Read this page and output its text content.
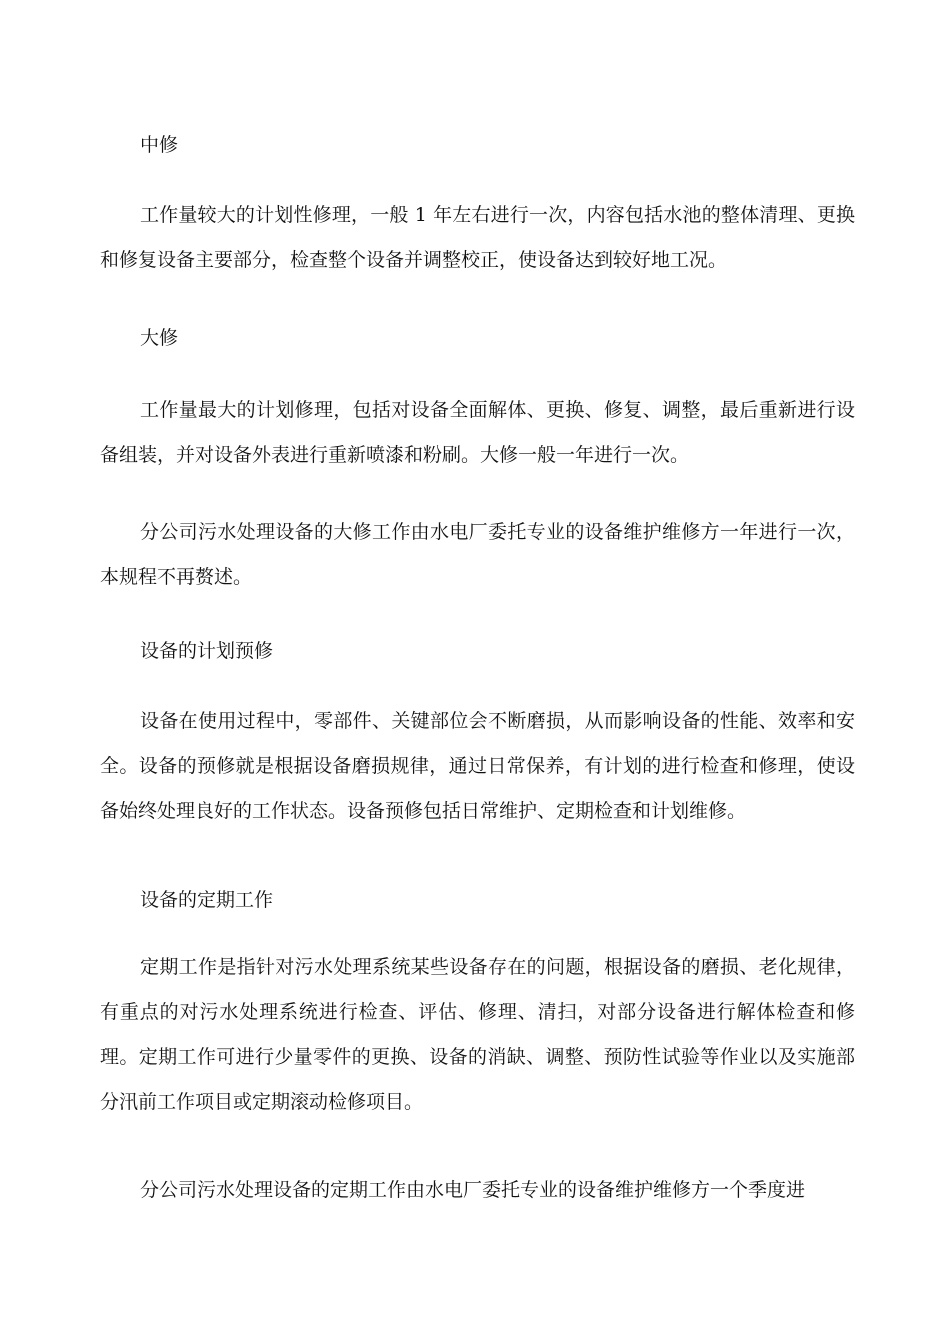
中修

工作量较大的计划性修理，一般 1 年左右进行一次，内容包括水池的整体清理、更换和修复设备主要部分，检查整个设备并调整校正，使设备达到较好地工况。

大修

工作量最大的计划修理，包括对设备全面解体、更换、修复、调整，最后重新进行设备组装，并对设备外表进行重新喷漆和粉刷。大修一般一年进行一次。

分公司污水处理设备的大修工作由水电厂委托专业的设备维护维修方一年进行一次，本规程不再赘述。

设备的计划预修

设备在使用过程中，零部件、关键部位会不断磨损，从而影响设备的性能、效率和安全。设备的预修就是根据设备磨损规律，通过日常保养，有计划的进行检查和修理，使设备始终处理良好的工作状态。设备预修包括日常维护、定期检查和计划维修。

设备的定期工作

定期工作是指针对污水处理系统某些设备存在的问题，根据设备的磨损、老化规律，有重点的对污水处理系统进行检查、评估、修理、清扫，对部分设备进行解体检查和修理。定期工作可进行少量零件的更换、设备的消缺、调整、预防性试验等作业以及实施部分汛前工作项目或定期滚动检修项目。

分公司污水处理设备的定期工作由水电厂委托专业的设备维护维修方一个季度进
